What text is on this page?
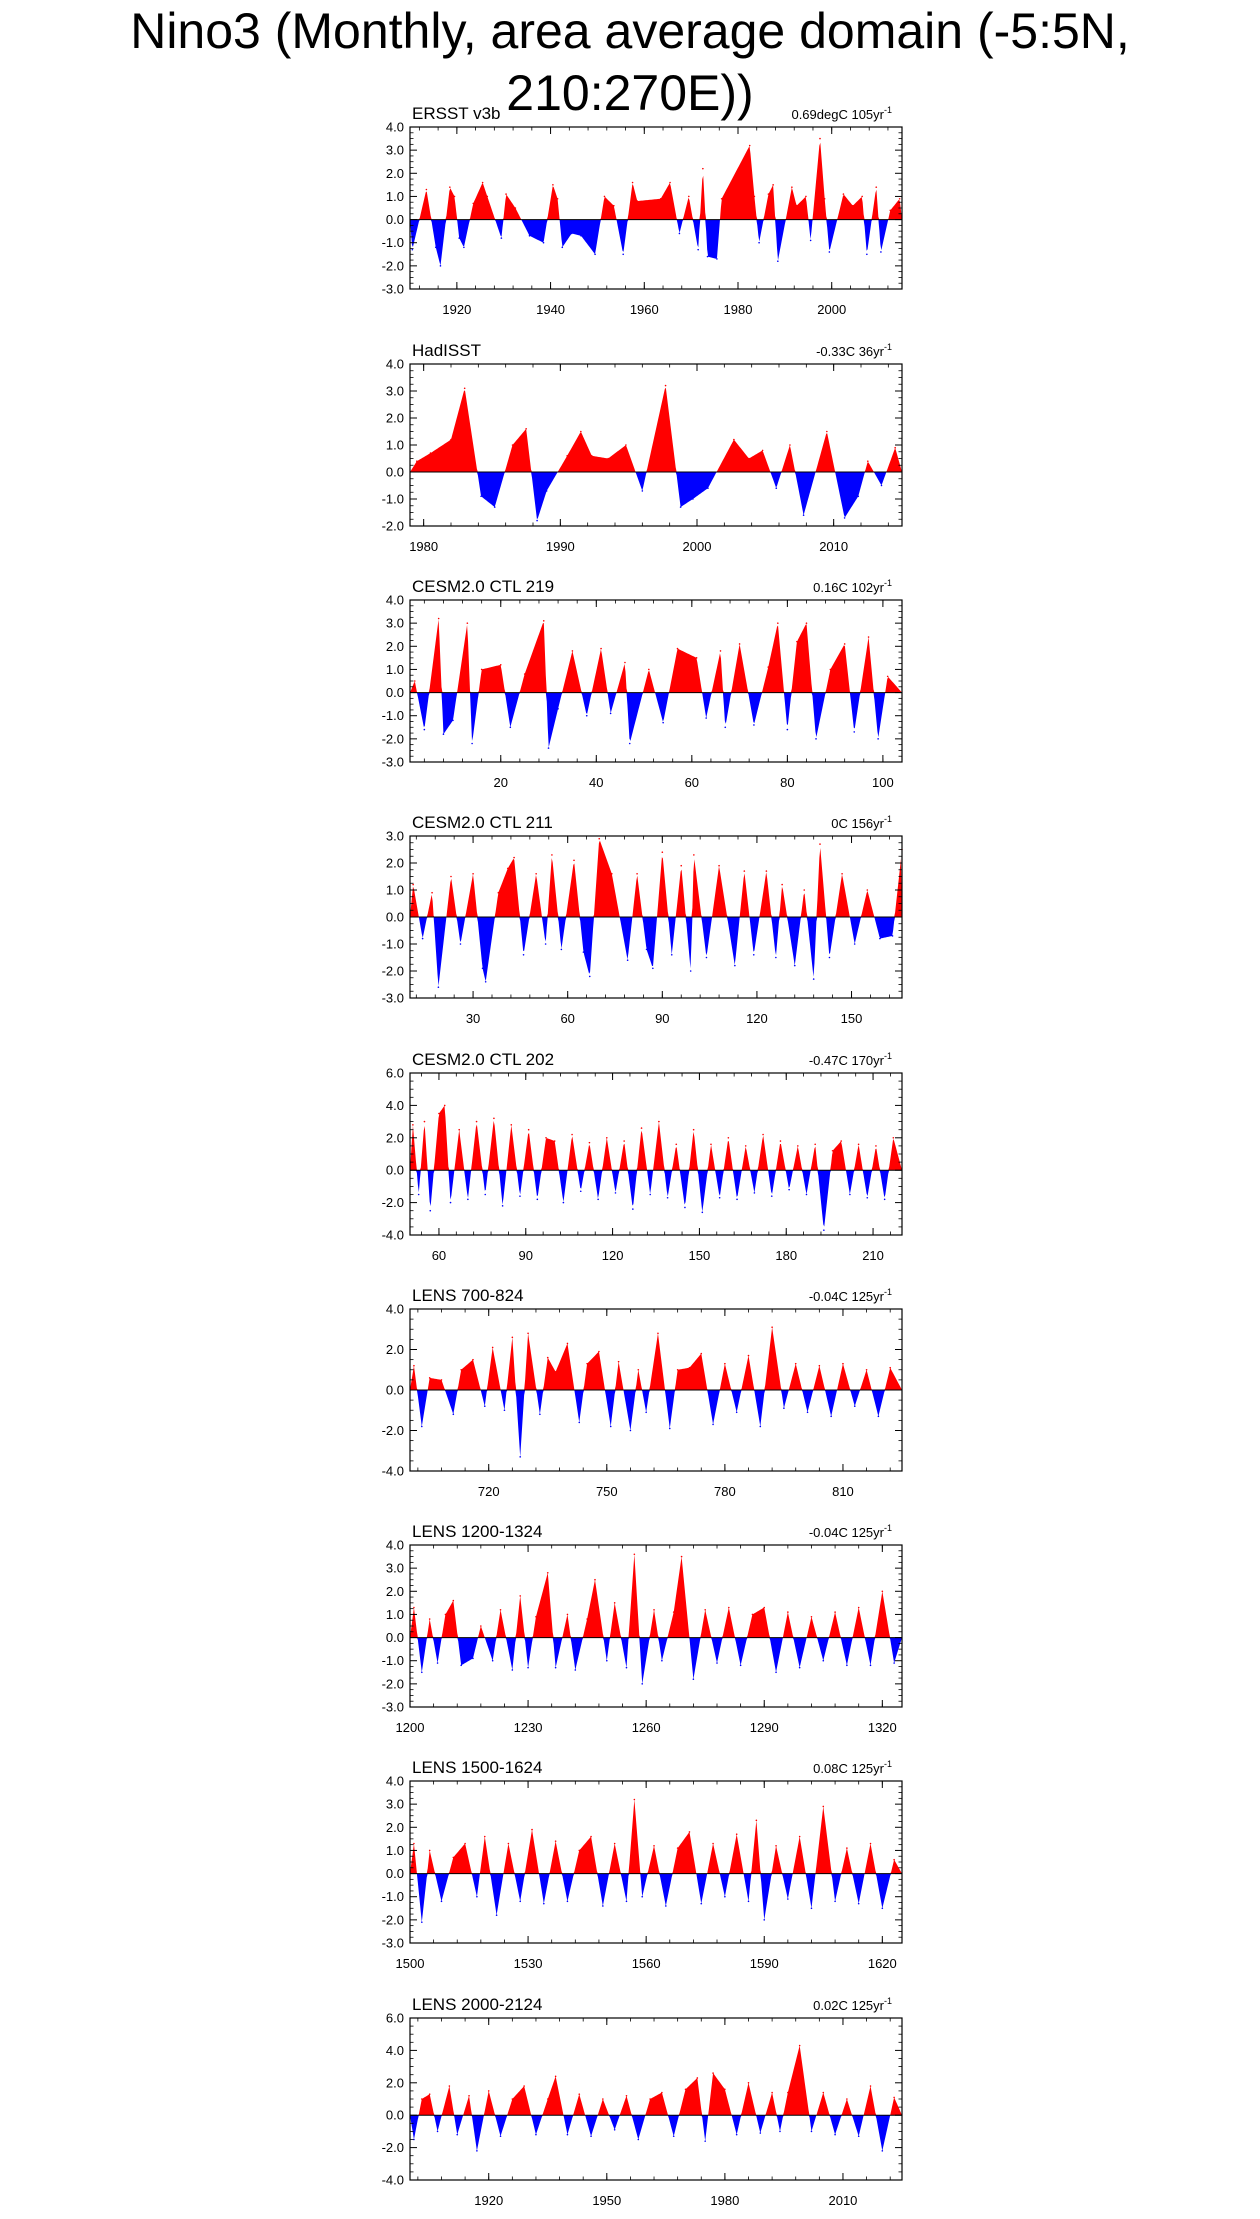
Nino3 (Monthly, area average domain (-5:5N, 210:270E))
-3.0
-2.0
-1.0
0.0
1.0
2.0
3.0
4.0
1920	1940	1960	1980	2000
ERSST v3b	0.69degC $105yr^{-1}$
-2.0
-1.0
0.0
1.0
2.0
3.0
4.0
1980	1990	2000	2010
HadISST	-0.33C $36yr^{-1}$
-3.0
-2.0
-1.0
0.0
1.0
2.0
3.0
4.0
20	40	60	80	100
CESM2.0 CTL 219	0.16C $102yr^{-1}$
-3.0
-2.0
-1.0
0.0
1.0
2.0
3.0
30	60	90	120	150
CESM2.0 CTL 211	0C $156yr^{-1}$
-4.0
-2.0
0.0
2.0
4.0
6.0
60	90	120	150	180	210
CESM2.0 CTL 202	-0.47C $170yr^{-1}$
-4.0
-2.0
0.0
2.0
4.0
720	750	780	810
LENS 700-824	-0.04C $125yr^{-1}$
-3.0
-2.0
-1.0
0.0
1.0
2.0
3.0
4.0
1200	1230	1260	1290	1320
LENS 1200-1324	-0.04C $125yr^{-1}$
-3.0
-2.0
-1.0
0.0
1.0
2.0
3.0
4.0
1500	1530	1560	1590	1620
LENS 1500-1624	0.08C $125yr^{-1}$
-4.0
-2.0
0.0
2.0
4.0
6.0
1920	1950	1980	2010
LENS 2000-2124	0.02C $125yr^{-1}$
